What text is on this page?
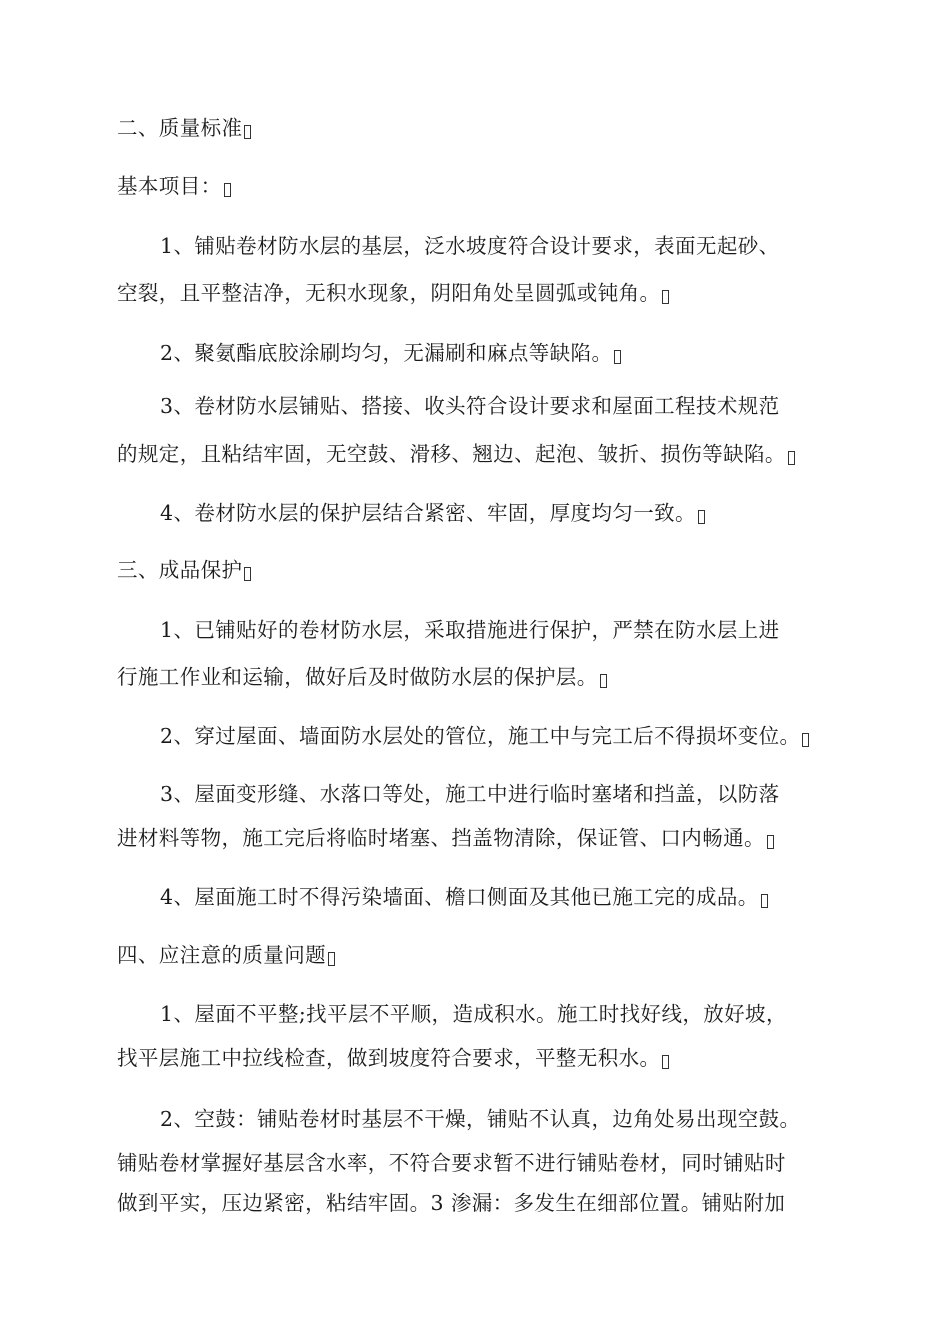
二、质量标准
基本项目：
1、铺贴卷材防水层的基层，泛水坡度符合设计要求，表面无起砂、
空裂，且平整洁净，无积水现象，阴阳角处呈圆弧或钝角。
2、聚氨酯底胶涂刷均匀，无漏刷和麻点等缺陷。
3、卷材防水层铺贴、搭接、收头符合设计要求和屋面工程技术规范
的规定，且粘结牢固，无空鼓、滑移、翘边、起泡、皱折、损伤等缺陷。
4、卷材防水层的保护层结合紧密、牢固，厚度均匀一致。
三、成品保护
1、已铺贴好的卷材防水层，采取措施进行保护，严禁在防水层上进
行施工作业和运输，做好后及时做防水层的保护层。
2、穿过屋面、墙面防水层处的管位，施工中与完工后不得损坏变位。
3、屋面变形缝、水落口等处，施工中进行临时塞堵和挡盖，以防落
进材料等物，施工完后将临时堵塞、挡盖物清除，保证管、口内畅通。
4、屋面施工时不得污染墙面、檐口侧面及其他已施工完的成品。
四、应注意的质量问题
1、屋面不平整;找平层不平顺，造成积水。施工时找好线，放好坡，
找平层施工中拉线检查，做到坡度符合要求，平整无积水。
2、空鼓：铺贴卷材时基层不干燥，铺贴不认真，边角处易出现空鼓。
铺贴卷材掌握好基层含水率，不符合要求暂不进行铺贴卷材，同时铺贴时
做到平实，压边紧密，粘结牢固。3 渗漏：多发生在细部位置。铺贴附加
